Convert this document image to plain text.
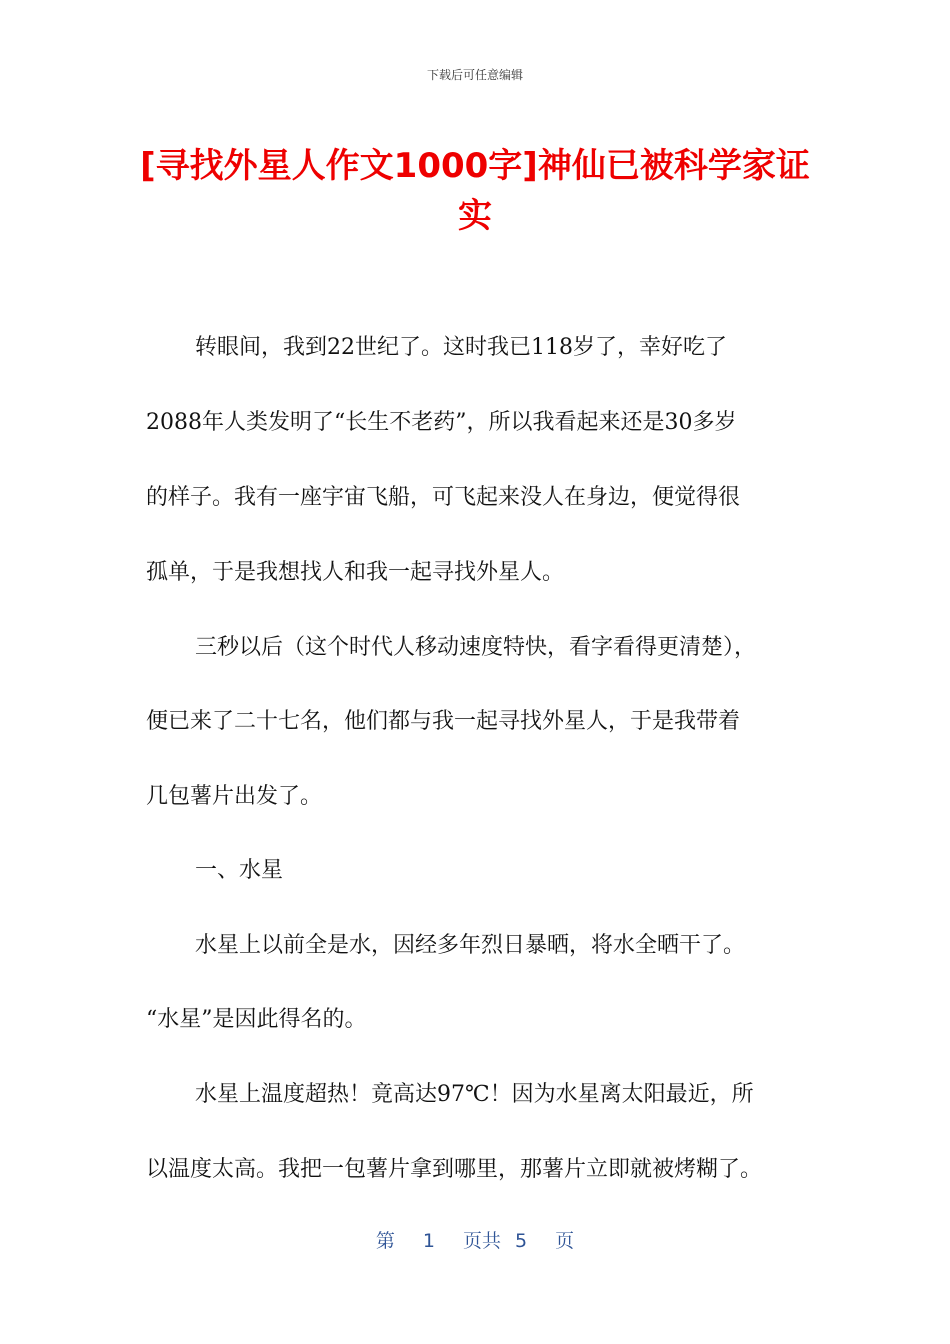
下载后可任意编辑
[寻找外星人作文1000字]神仙已被科学家证
实
转眼间，我到22世纪了。这时我已118岁了，幸好吃了
2088年人类发明了“长生不老药”，所以我看起来还是30多岁
的样子。我有一座宇宙飞船，可飞起来没人在身边，便觉得很
孤单，于是我想找人和我一起寻找外星人。
三秒以后（这个时代人移动速度特快，看字看得更清楚），
便已来了二十七名，他们都与我一起寻找外星人，于是我带着
几包薯片出发了。
一、水星
水星上以前全是水，因经多年烈日暴晒，将水全晒干了。
“水星”是因此得名的。
水星上温度超热！竟高达97℃！因为水星离太阳最近，所
以温度太高。我把一包薯片拿到哪里，那薯片立即就被烤糊了。
第 1 页共 5 页
